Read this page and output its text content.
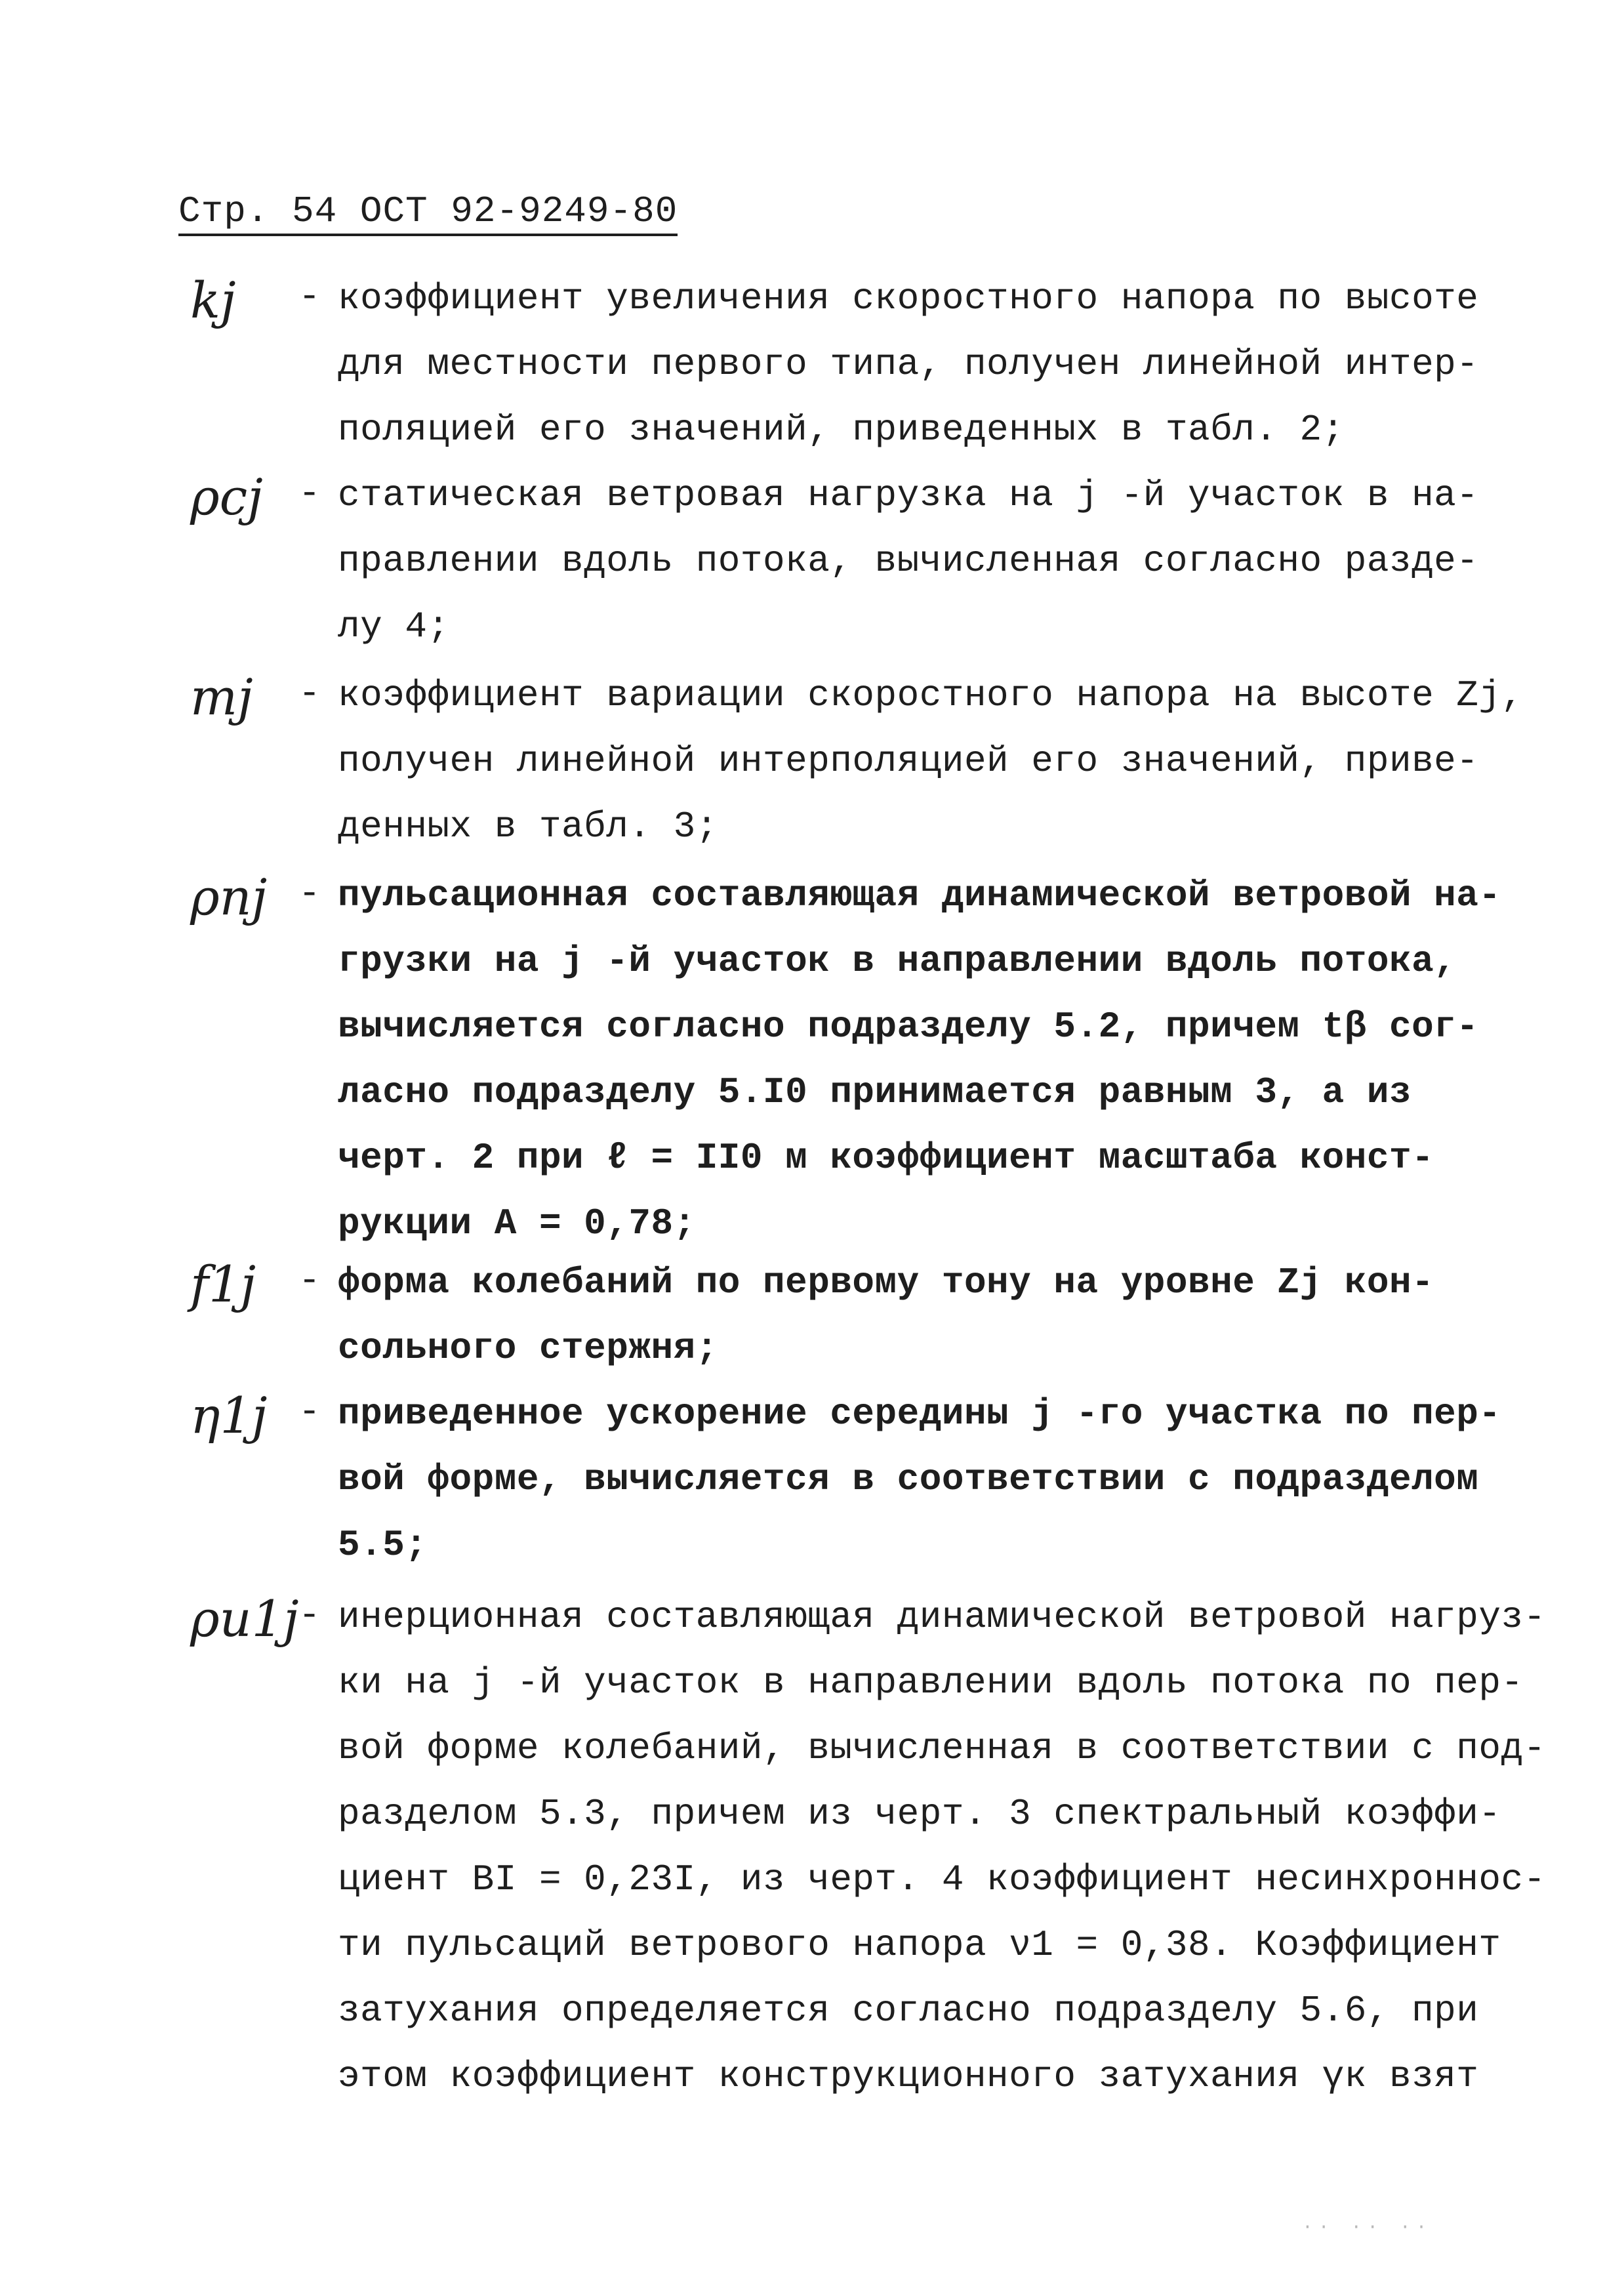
Стр. 54 ОСТ 92-9249-80
kj	- коэффициент увеличения скоростного напора по высоте
для местности первого типа, получен линейной интер-
поляцией его значений, приведенных в табл. 2;
ρcj - статическая ветровая нагрузка на j -й участок в на-
правлении вдоль потока, вычисленная согласно разде-
лу 4;
mj	- коэффициент вариации скоростного напора на высоте Zj,
получен линейной интерполяцией его значений, приве-
денных в табл. 3;
ρnj - пульсационная составляющая динамической ветровой на-
грузки на j -й участок в направлении вдоль потока,
вычисляется согласно подразделу 5.2, причем tβ сог-
ласно подразделу 5.I0 принимается равным 3, а из
черт. 2 при ℓ = II0 м коэффициент масштаба конст-
рукции А = 0,78;
f1j	- форма колебаний по первому тону на уровне Zj кон-
сольного стержня;
η1j - приведенное ускорение середины j -го участка по пер-
вой форме, вычисляется в соответствии с подразделом
5.5;
ρu1j - инерционная составляющая динамической ветровой нагруз-
ки на j -й участок в направлении вдоль потока по пер-
вой форме колебаний, вычисленная в соответствии с под-
разделом 5.3, причем из черт. 3 спектральный коэффи-
циент BI = 0,23I, из черт. 4 коэффициент несинхроннос-
ти пульсаций ветрового напора ν1 = 0,38. Коэффициент
затухания определяется согласно подразделу 5.6, при
этом коэффициент конструкционного затухания γк взят
·· ·· ··
